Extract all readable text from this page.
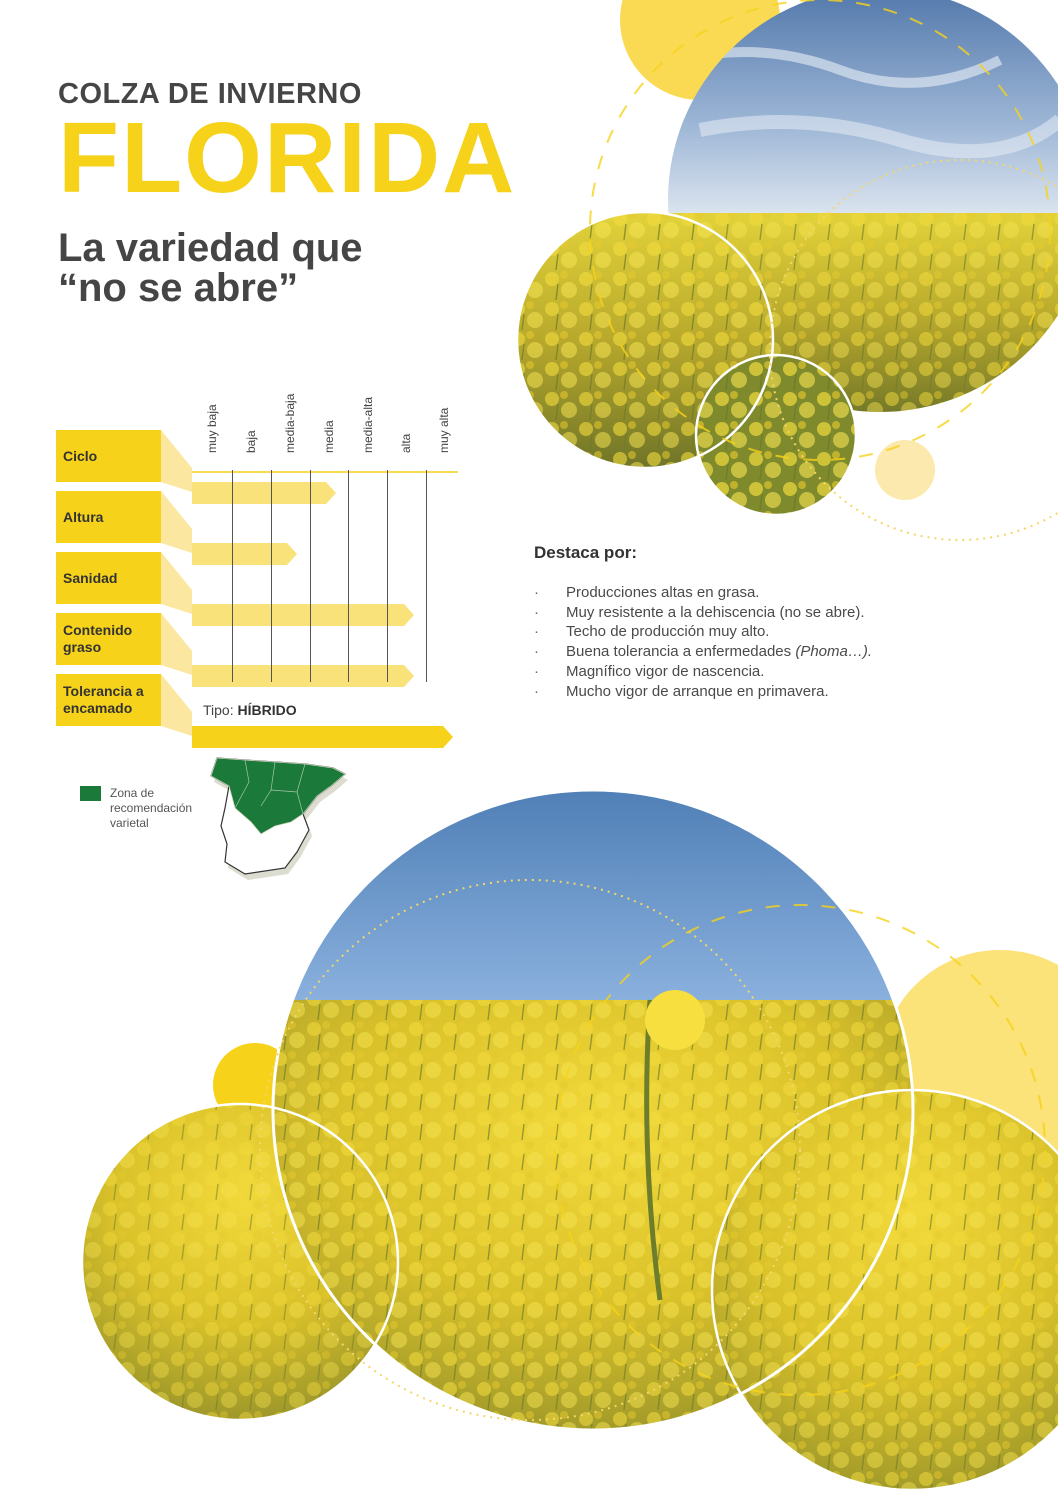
COLZA DE INVIERNO
FLORIDA
La variedad que
“no se abre”
Ciclo
Altura
Sanidad
Contenido
graso
Tolerancia a
encamado
muy baja baja media-baja media media-alta alta muy alta
Tipo: HÍBRIDO
Zona de recomendación varietal
Destaca por:
· Producciones altas en grasa.
· Muy resistente a la dehiscencia (no se abre).
· Techo de producción muy alto.
· Buena tolerancia a enfermedades (Phoma…).
· Magnífico vigor de nascencia.
· Mucho vigor de arranque en primavera.
